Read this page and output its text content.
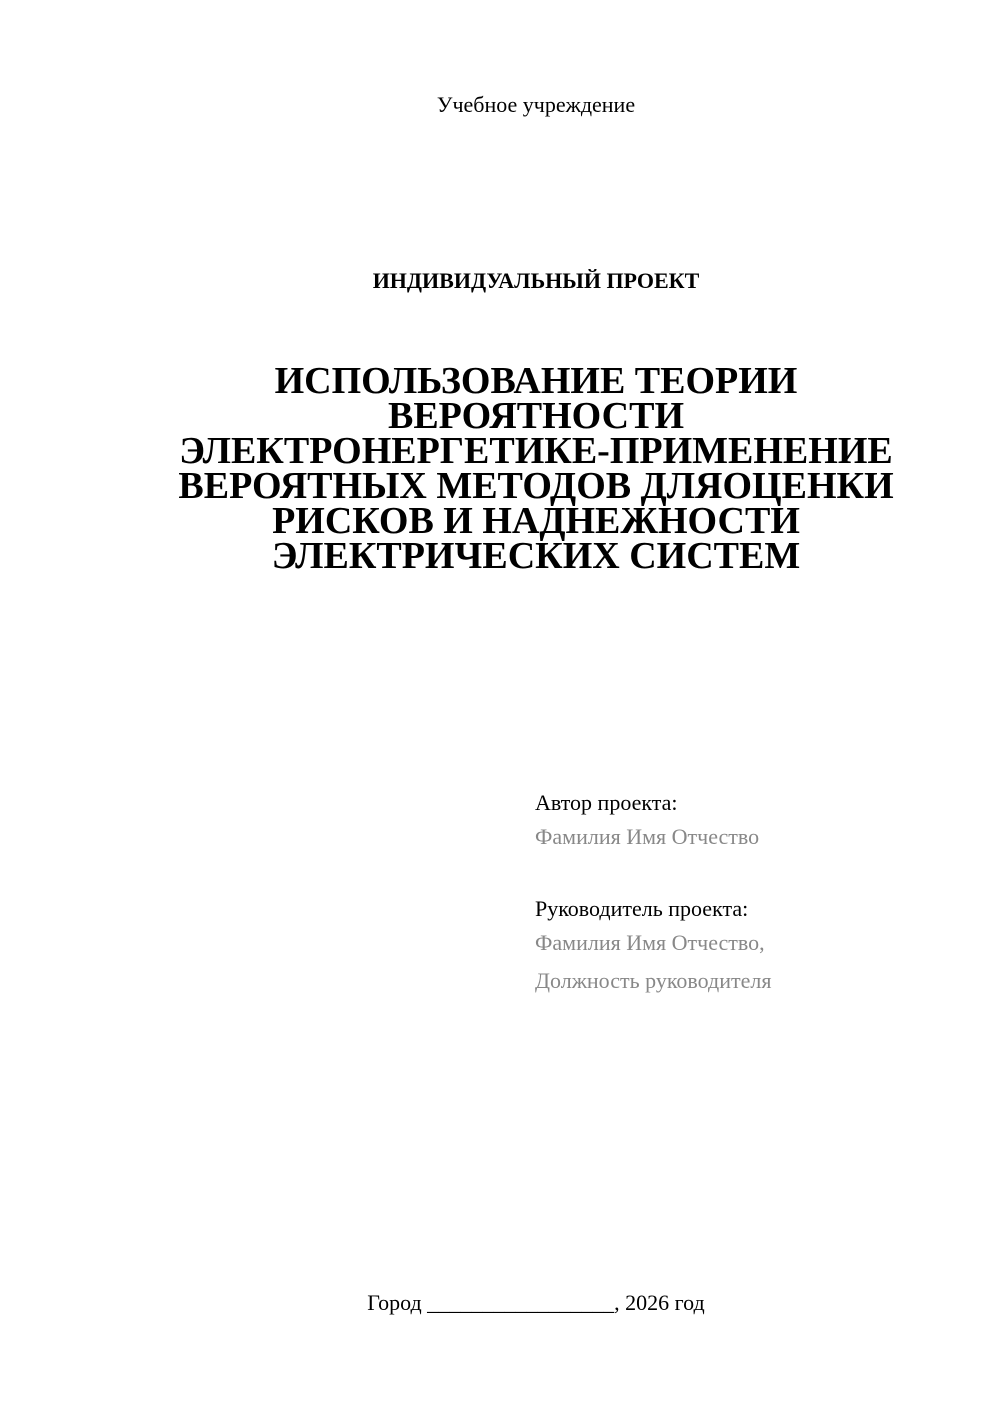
Учебное учреждение
ИНДИВИДУАЛЬНЫЙ ПРОЕКТ
ИСПОЛЬЗОВАНИЕ ТЕОРИИ
ВЕРОЯТНОСТИ
ЭЛЕКТРОНЕРГЕТИКЕ-ПРИМЕНЕНИЕ
ВЕРОЯТНЫХ МЕТОДОВ ДЛЯОЦЕНКИ
РИСКОВ И НАДНЕЖНОСТИ
ЭЛЕКТРИЧЕСКИХ СИСТЕМ
Автор проекта:
Фамилия Имя Отчество
Руководитель проекта:
Фамилия Имя Отчество,
Должность руководителя
Город _________________, 2026 год
